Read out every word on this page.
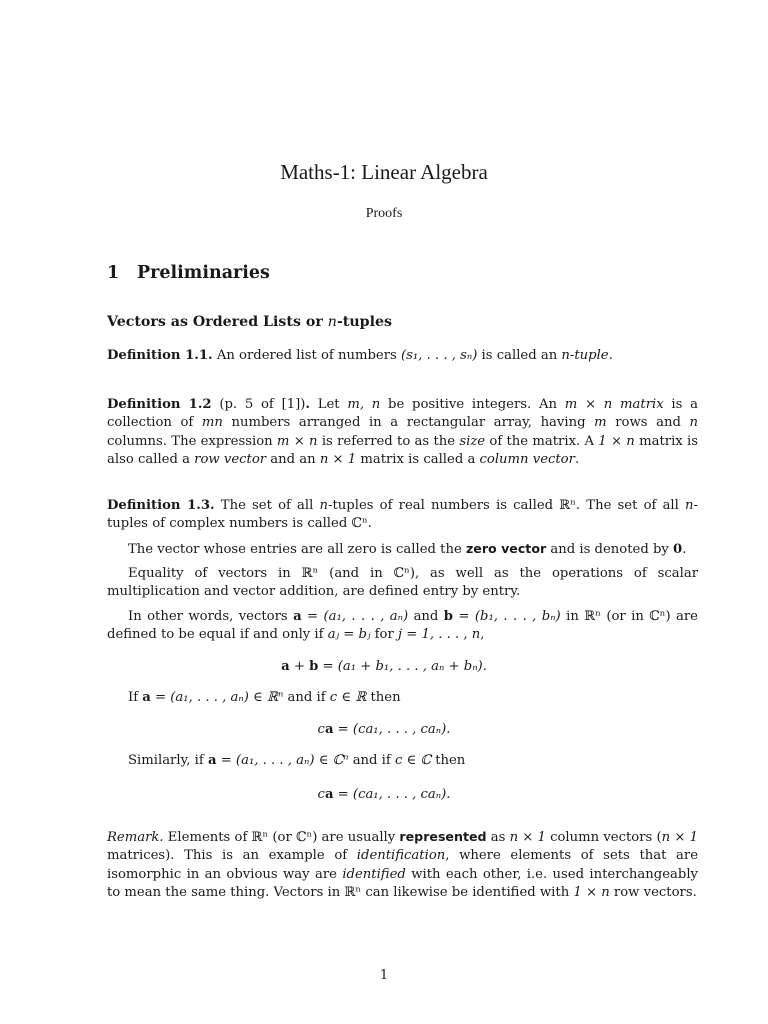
Maths-1: Linear Algebra
Proofs
1 Preliminaries
Vectors as Ordered Lists or n-tuples
Definition 1.1. An ordered list of numbers (s₁, . . . , sₙ) is called an n-tuple.
Definition 1.2 (p. 5 of [1]). Let m, n be positive integers. An m × n matrix is a collection of mn numbers arranged in a rectangular array, having m rows and n columns. The expression m × n is referred to as the size of the matrix. A 1 × n matrix is also called a row vector and an n × 1 matrix is called a column vector.
Definition 1.3. The set of all n-tuples of real numbers is called ℝⁿ. The set of all n-tuples of complex numbers is called ℂⁿ.
The vector whose entries are all zero is called the zero vector and is denoted by 0.
Equality of vectors in ℝⁿ (and in ℂⁿ), as well as the operations of scalar multiplication and vector addition, are defined entry by entry.
In other words, vectors a = (a₁, . . . , aₙ) and b = (b₁, . . . , bₙ) in ℝⁿ (or in ℂⁿ) are defined to be equal if and only if aⱼ = bⱼ for j = 1, . . . , n,
a + b = (a₁ + b₁, . . . , aₙ + bₙ).
If a = (a₁, . . . , aₙ) ∈ ℝⁿ and if c ∈ ℝ then
ca = (ca₁, . . . , caₙ).
Similarly, if a = (a₁, . . . , aₙ) ∈ ℂⁿ and if c ∈ ℂ then
ca = (ca₁, . . . , caₙ).
Remark. Elements of ℝⁿ (or ℂⁿ) are usually represented as n × 1 column vectors (n × 1 matrices). This is an example of identification, where elements of sets that are isomorphic in an obvious way are identified with each other, i.e. used interchangeably to mean the same thing. Vectors in ℝⁿ can likewise be identified with 1 × n row vectors.
1
